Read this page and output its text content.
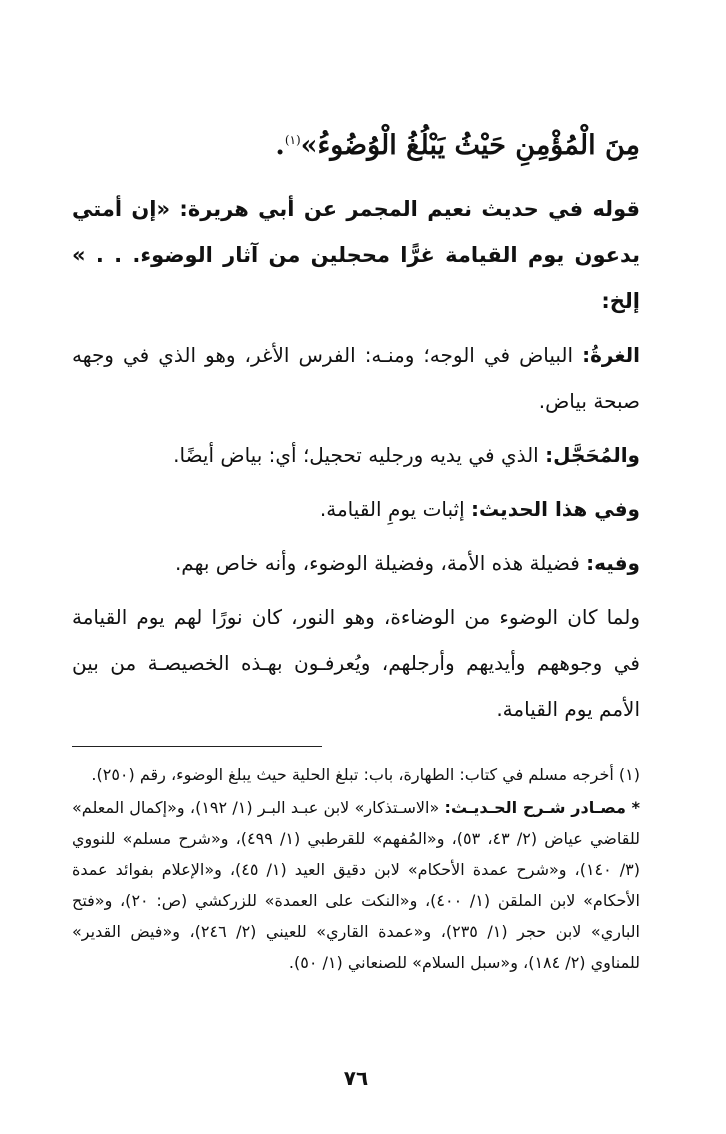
مِنَ الْمُؤْمِنِ حَيْثُ يَبْلُغُ الْوُضُوءُ»$^{(١)}$.

قوله في حديث نعيم المجمر عن أبي هريرة: «إن أمتي يدعون يوم القيامة غرًّا محجلين من آثار الوضوء. . . » إلخ:

الغرةُ: البياض في الوجه؛ ومنـه: الفرس الأغر، وهو الذي في وجهه صبحة بياض.

والمُحَجَّل: الذي في يديه ورجليه تحجيل؛ أي: بياض أيضًا.

وفي هذا الحديث: إثبات يومِ القيامة.

وفيه: فضيلة هذه الأمة، وفضيلة الوضوء، وأنه خاص بهم.

ولما كان الوضوء من الوضاءة، وهو النور، كان نورًا لهم يوم القيامة في وجوههم وأيديهم وأرجلهم، ويُعرفـون بهـذه الخصيصـة من بين الأمم يوم القيامة.

(١) أخرجه مسلم في كتاب: الطهارة، باب: تبلغ الحلية حيث يبلغ الوضوء، رقم (٢٥٠).

* مصـادر شـرح الحـديـث: «الاسـتذكار» لابن عبـد البـر (١/ ١٩٢)، و«إكمال المعلم» للقاضي عياض (٢/ ٤٣، ٥٣)، و«المُفهم» للقرطبي (١/ ٤٩٩)، و«شرح مسلم» للنووي (٣/ ١٤٠)، و«شرح عمدة الأحكام» لابن دقيق العيد (١/ ٤٥)، و«الإعلام بفوائد عمدة الأحكام» لابن الملقن (١/ ٤٠٠)، و«النكت على العمدة» للزركشي (ص: ٢٠)، و«فتح الباري» لابن حجر (١/ ٢٣٥)، و«عمدة القاري» للعيني (٢/ ٢٤٦)، و«فيض القدير» للمناوي (٢/ ١٨٤)، و«سبل السلام» للصنعاني (١/ ٥٠).

٧٦
